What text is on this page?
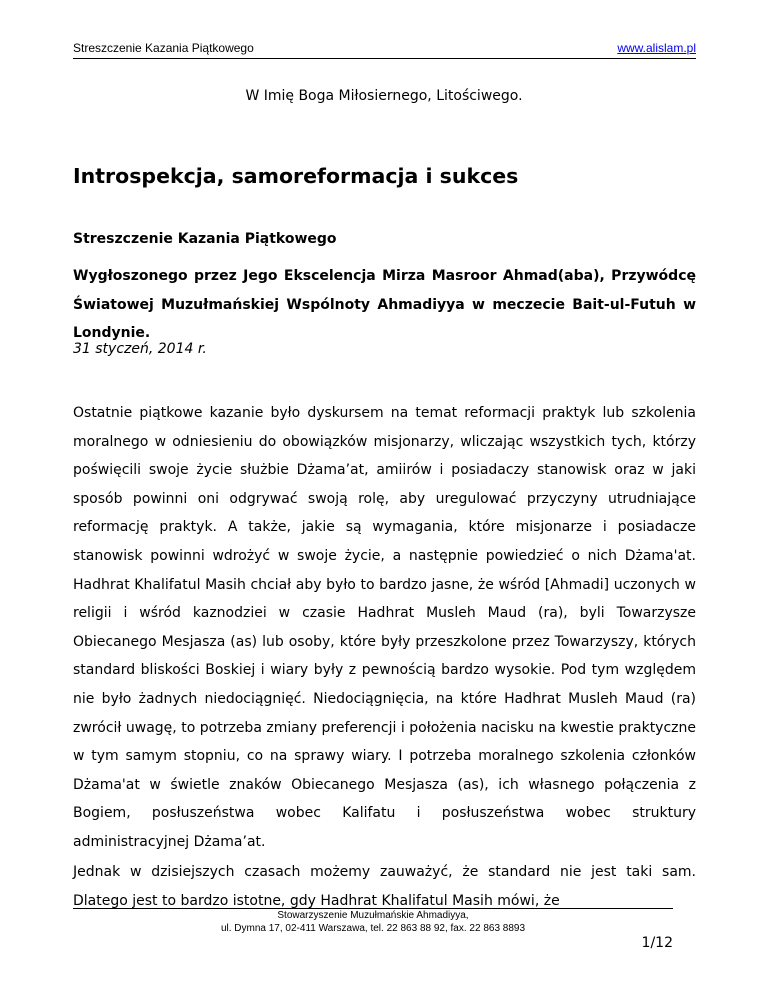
Streszczenie Kazania Piątkowego	www.alislam.pl
W Imię Boga Miłosiernego, Litościwego.
Introspekcja, samoreformacja i sukces
Streszczenie Kazania Piątkowego
Wygłoszonego przez Jego Ekscelencja Mirza Masroor Ahmad(aba), Przywódcę Światowej Muzułmańskiej Wspólnoty Ahmadiyya w meczecie Bait-ul-Futuh w Londynie.
31 styczeń, 2014 r.

Ostatnie piątkowe kazanie było dyskursem na temat reformacji praktyk lub szkolenia moralnego w odniesieniu do obowiązków misjonarzy, wliczając wszystkich tych, którzy poświęcili swoje życie służbie Dżama’at, amiirów i posiadaczy stanowisk oraz w jaki sposób powinni oni odgrywać swoją rolę, aby uregulować przyczyny utrudniające reformację praktyk. A także, jakie są wymagania, które misjonarze i posiadacze stanowisk powinni wdrożyć w swoje życie, a następnie powiedzieć o nich Dżama'at. Hadhrat Khalifatul Masih chciał aby było to bardzo jasne, że wśród [Ahmadi] uczonych w religii i wśród kaznodziei w czasie Hadhrat Musleh Maud (ra), byli Towarzysze Obiecanego Mesjasza (as) lub osoby, które były przeszkolone przez Towarzyszy, których standard bliskości Boskiej i wiary były z pewnością bardzo wysokie. Pod tym względem nie było żadnych niedociągnięć. Niedociągnięcia, na które Hadhrat Musleh Maud (ra) zwrócił uwagę, to potrzeba zmiany preferencji i położenia nacisku na kwestie praktyczne w tym samym stopniu, co na sprawy wiary. I potrzeba moralnego szkolenia członków Dżama'at w świetle znaków Obiecanego Mesjasza (as), ich własnego połączenia z Bogiem, posłuszeństwa wobec Kalifatu i posłuszeństwa wobec struktury administracyjnej Dżama’at.

Jednak w dzisiejszych czasach możemy zauważyć, że standard nie jest taki sam. Dlatego jest to bardzo istotne, gdy Hadhrat Khalifatul Masih mówi, że

Stowarzyszenie Muzułmańskie Ahmadiyya,
ul. Dymna 17, 02-411 Warszawa, tel. 22 863 88 92, fax. 22 863 8893
1/12
